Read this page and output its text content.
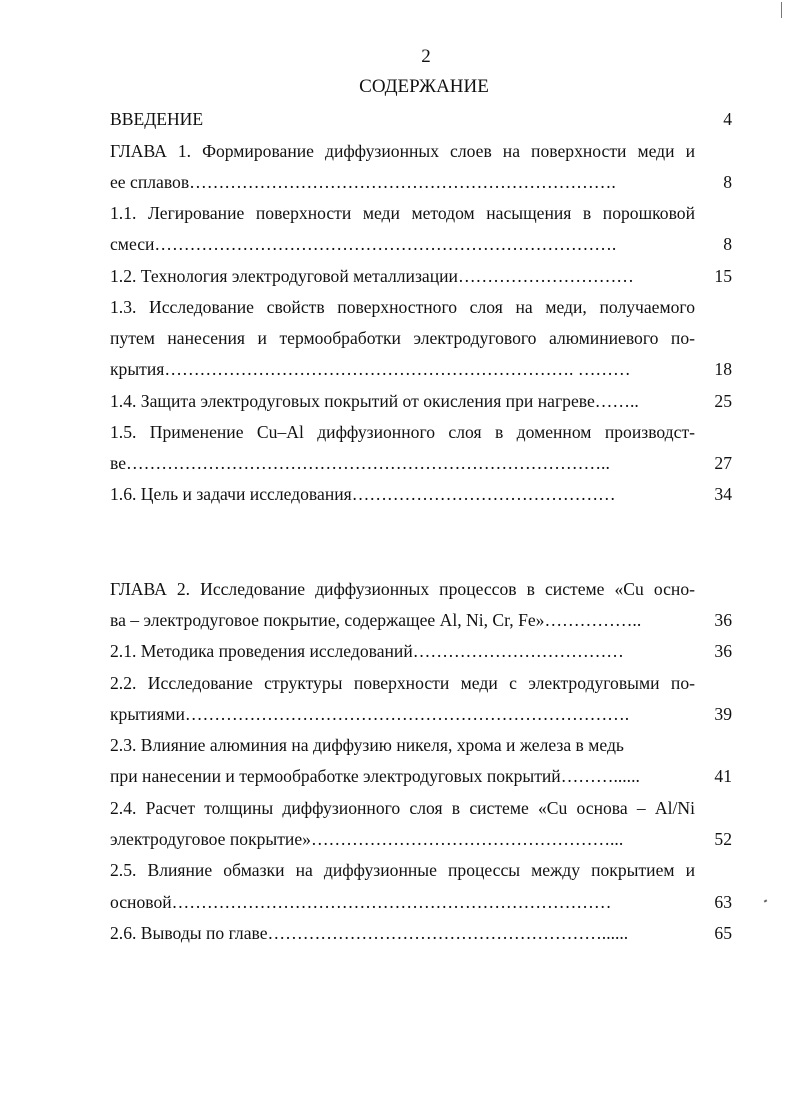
2
СОДЕРЖАНИЕ
ВВЕДЕНИЕ	4
ГЛАВА 1. Формирование диффузионных слоев на поверхности меди и
ее сплавов……………………………………………………………….	8
1.1. Легирование поверхности меди методом насыщения в порошковой
смеси…………………………………………………………………….	8
1.2. Технология электродуговой металлизации…………………………	15
1.3. Исследование свойств поверхностного слоя на меди, получаемого
путем нанесения и термообработки электродугового алюминиевого по-
крытия……………………………………………………………. ………	18
1.4. Защита электродуговых покрытий от окисления при нагреве……..	25
1.5. Применение Cu–Al диффузионного слоя в доменном производст-
ве………………………………………………………………………..	27
1.6. Цель и задачи исследования………………………………………	34
ГЛАВА 2. Исследование диффузионных процессов в системе «Cu осно-
ва – электродуговое покрытие, содержащее Al, Ni, Cr, Fe»……………..	36
2.1. Методика проведения исследований………………………………	36
2.2. Исследование структуры поверхности меди с электродуговыми по-
крытиями………………………………………………………………….	39
2.3. Влияние алюминия на диффузию никеля, хрома и железа в медь
при нанесении и термообработке электродуговых покрытий………......	41
2.4. Расчет толщины диффузионного слоя в системе «Cu основа – Al/Ni
электродуговое покрытие»……………………………………………...	52
2.5. Влияние обмазки на диффузионные процессы между покрытием и
основой…………………………………………………………………	63
2.6. Выводы по главе…………………………………………………......	65
